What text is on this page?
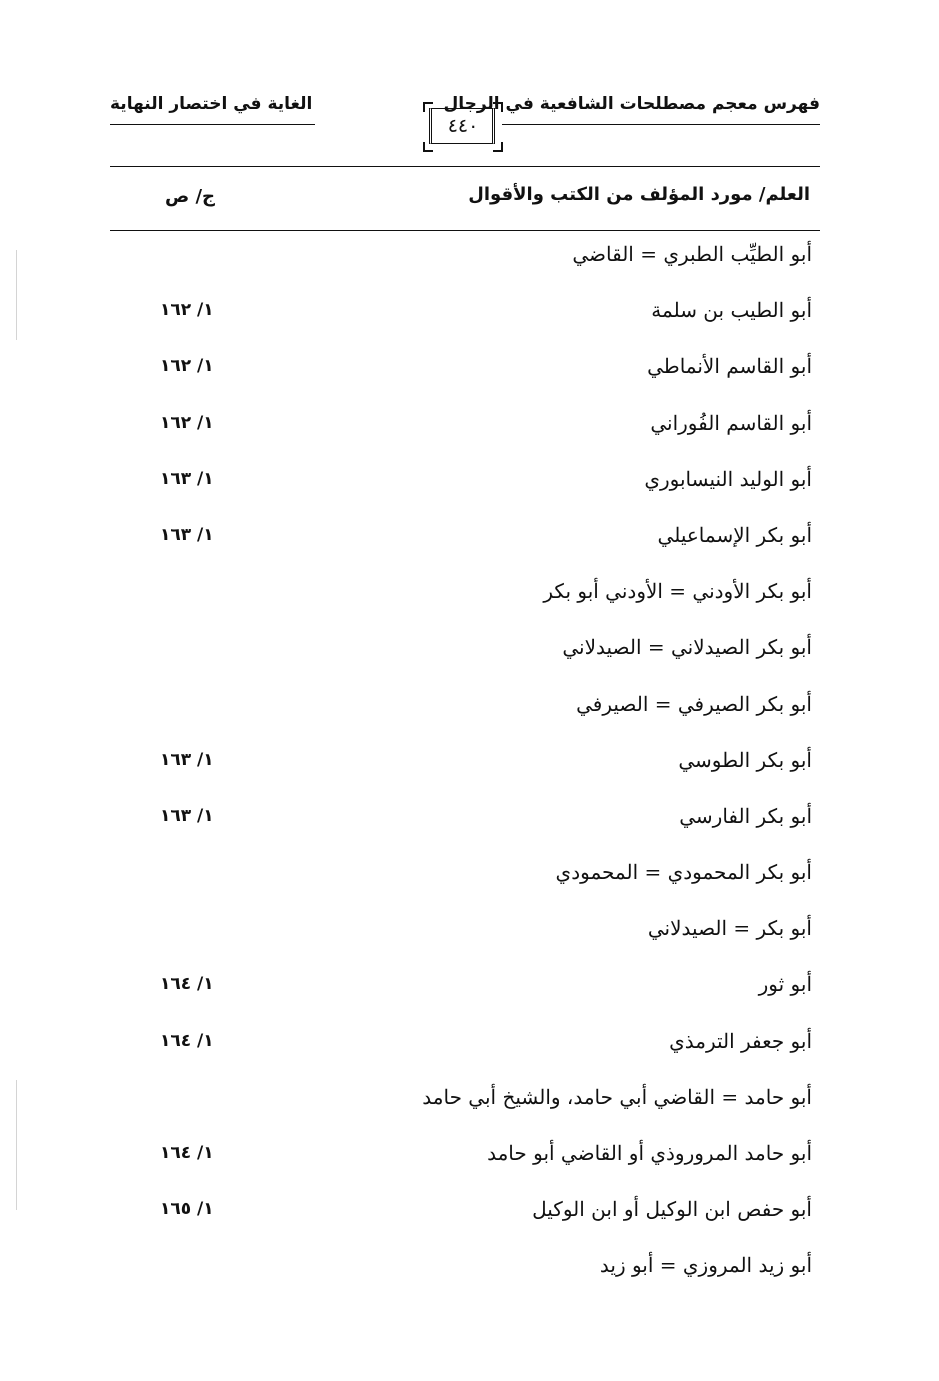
فهرس معجم مصطلحات الشافعية في الرجال
الغاية في اختصار النهاية
٤٤٠
العلم/ مورد المؤلف من الكتب والأقوال
ج/ ص
أبو الطيِّب الطبري = القاضي
أبو الطيب بن سلمة
١/ ١٦٢
أبو القاسم الأنماطي
١/ ١٦٢
أبو القاسم الفُوراني
١/ ١٦٢
أبو الوليد النيسابوري
١/ ١٦٣
أبو بكر الإسماعيلي
١/ ١٦٣
أبو بكر الأودني = الأودني أبو بكر
أبو بكر الصيدلاني = الصيدلاني
أبو بكر الصيرفي = الصيرفي
أبو بكر الطوسي
١/ ١٦٣
أبو بكر الفارسي
١/ ١٦٣
أبو بكر المحمودي = المحمودي
أبو بكر = الصيدلاني
أبو ثور
١/ ١٦٤
أبو جعفر الترمذي
١/ ١٦٤
أبو حامد = القاضي أبي حامد، والشيخ أبي حامد
أبو حامد المروروذي أو القاضي أبو حامد
١/ ١٦٤
أبو حفص ابن الوكيل أو ابن الوكيل
١/ ١٦٥
أبو زيد المروزي = أبو زيد
